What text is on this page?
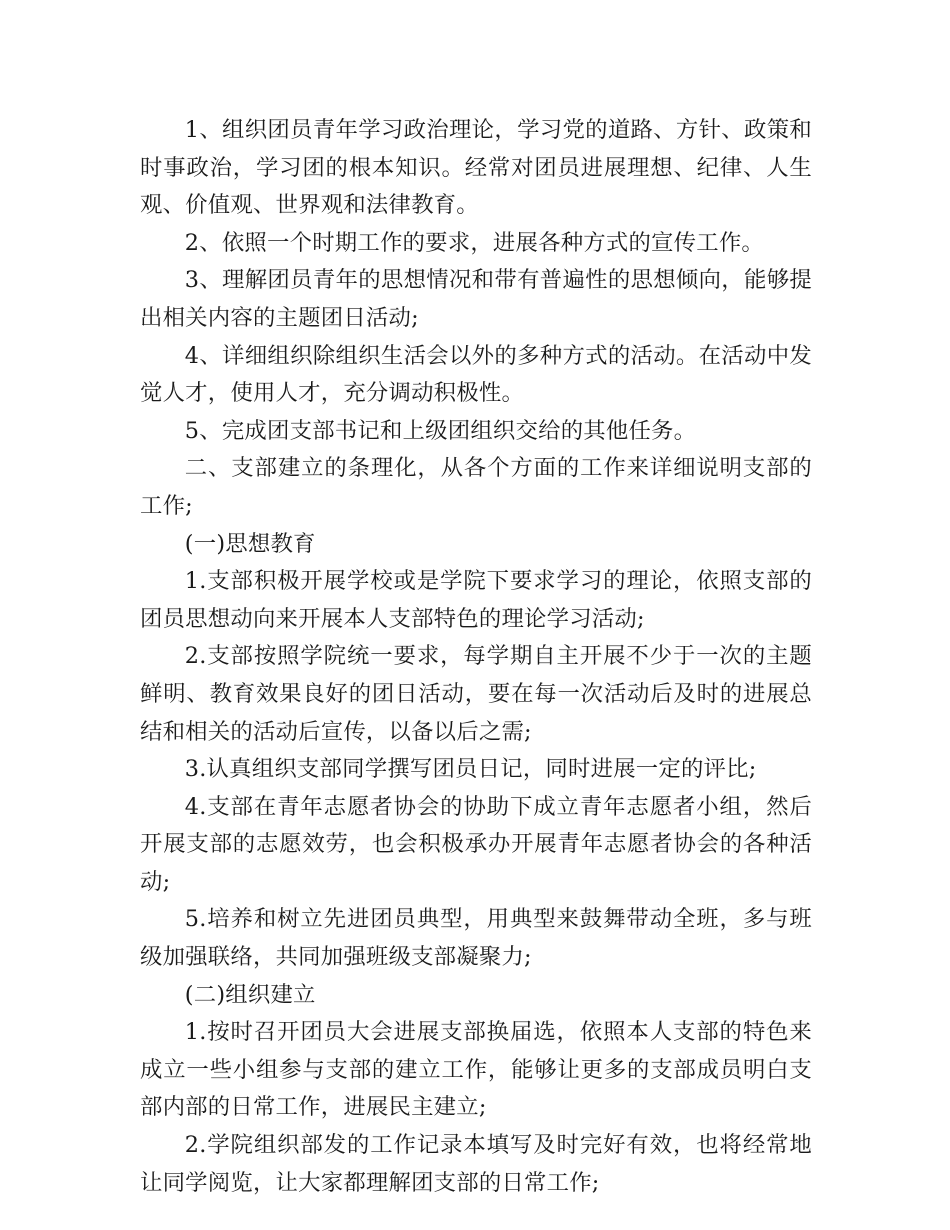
1、组织团员青年学习政治理论，学习党的道路、方针、政策和时事政治，学习团的根本知识。经常对团员进展理想、纪律、人生观、价值观、世界观和法律教育。

2、依照一个时期工作的要求，进展各种方式的宣传工作。

3、理解团员青年的思想情况和带有普遍性的思想倾向，能够提出相关内容的主题团日活动;

4、详细组织除组织生活会以外的多种方式的活动。在活动中发觉人才，使用人才，充分调动积极性。

5、完成团支部书记和上级团组织交给的其他任务。

二、支部建立的条理化，从各个方面的工作来详细说明支部的工作;

(一)思想教育

1.支部积极开展学校或是学院下要求学习的理论，依照支部的团员思想动向来开展本人支部特色的理论学习活动;

2.支部按照学院统一要求，每学期自主开展不少于一次的主题鲜明、教育效果良好的团日活动，要在每一次活动后及时的进展总结和相关的活动后宣传，以备以后之需;

3.认真组织支部同学撰写团员日记，同时进展一定的评比;

4.支部在青年志愿者协会的协助下成立青年志愿者小组，然后开展支部的志愿效劳，也会积极承办开展青年志愿者协会的各种活动;

5.培养和树立先进团员典型，用典型来鼓舞带动全班，多与班级加强联络，共同加强班级支部凝聚力;

(二)组织建立

1.按时召开团员大会进展支部换届选，依照本人支部的特色来成立一些小组参与支部的建立工作，能够让更多的支部成员明白支部内部的日常工作，进展民主建立;

2.学院组织部发的工作记录本填写及时完好有效，也将经常地让同学阅览，让大家都理解团支部的日常工作;
